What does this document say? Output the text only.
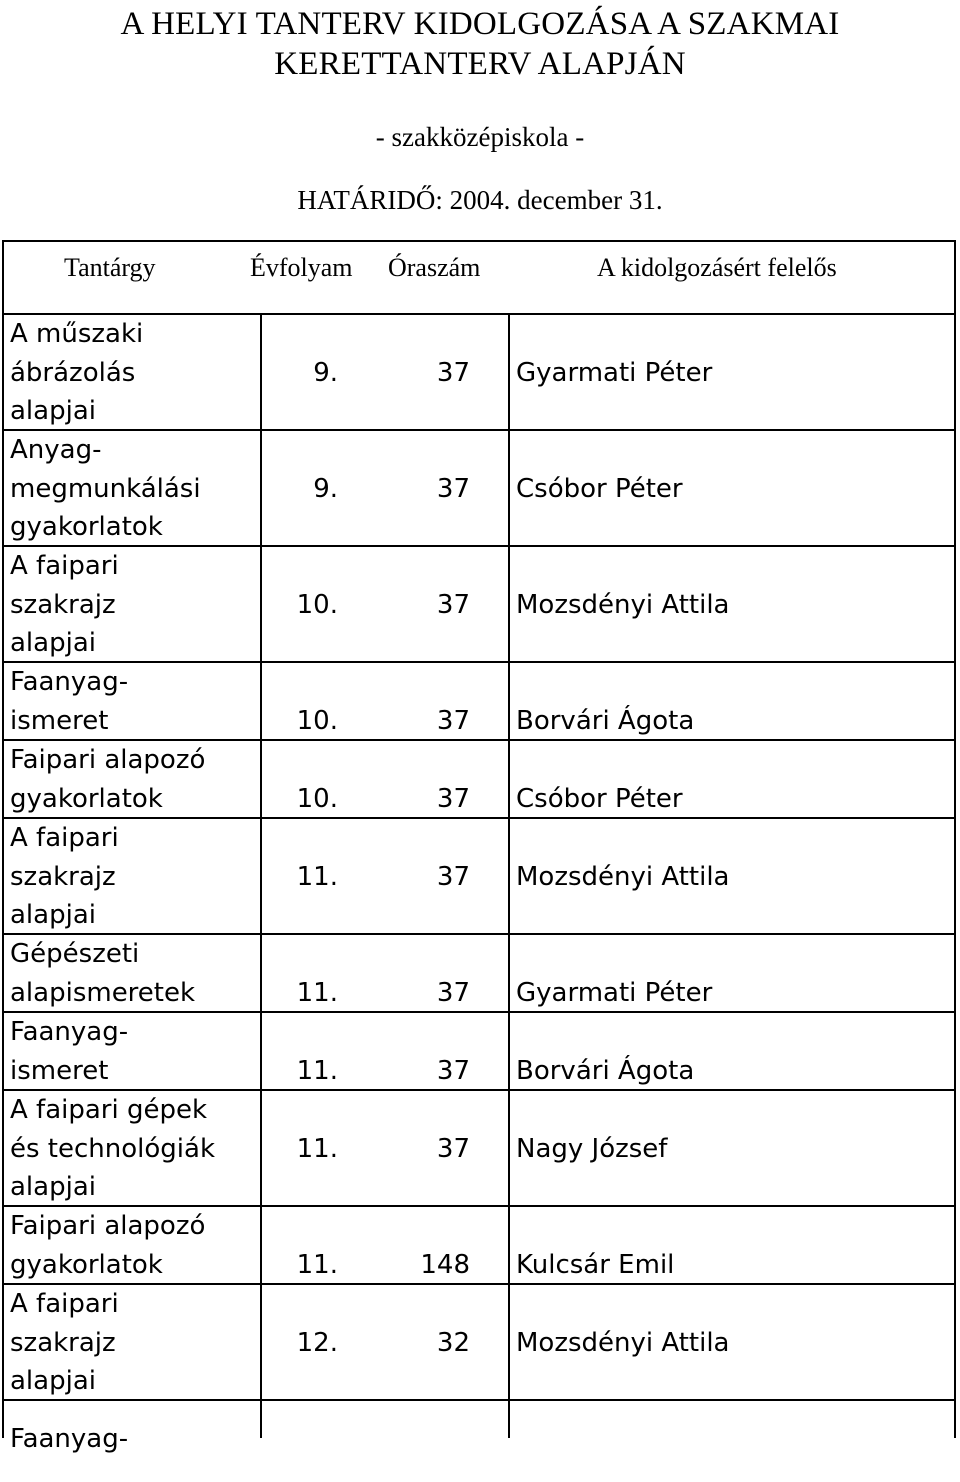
A HELYI TANTERV KIDOLGOZÁSA A SZAKMAI
KERETTANTERV ALAPJÁN
- szakközépiskola -
HATÁRIDŐ: 2004. december 31.
Tantárgy	Évfolyam Óraszám	A kidolgozásért felelős
A műszaki
ábrázolás
alapjai
9.	37 Gyarmati Péter
Anyag-
megmunkálási
gyakorlatok
9.	37 Csóbor Péter
A faipari
szakrajz
alapjai
10.	37 Mozsdényi Attila
Faanyag-
ismeret	10.	37 Borvári Ágota
Faipari alapozó
gyakorlatok	10.	37 Csóbor Péter
A faipari
szakrajz
alapjai
11.	37 Mozsdényi Attila
Gépészeti
alapismeretek	11.	37 Gyarmati Péter
Faanyag-
ismeret	11.	37 Borvári Ágota
A faipari gépek
és technológiák
alapjai
11.	37 Nagy József
Faipari alapozó
gyakorlatok	11.	148 Kulcsár Emil
A faipari
szakrajz
alapjai
12.	32 Mozsdényi Attila
Faanyag-
